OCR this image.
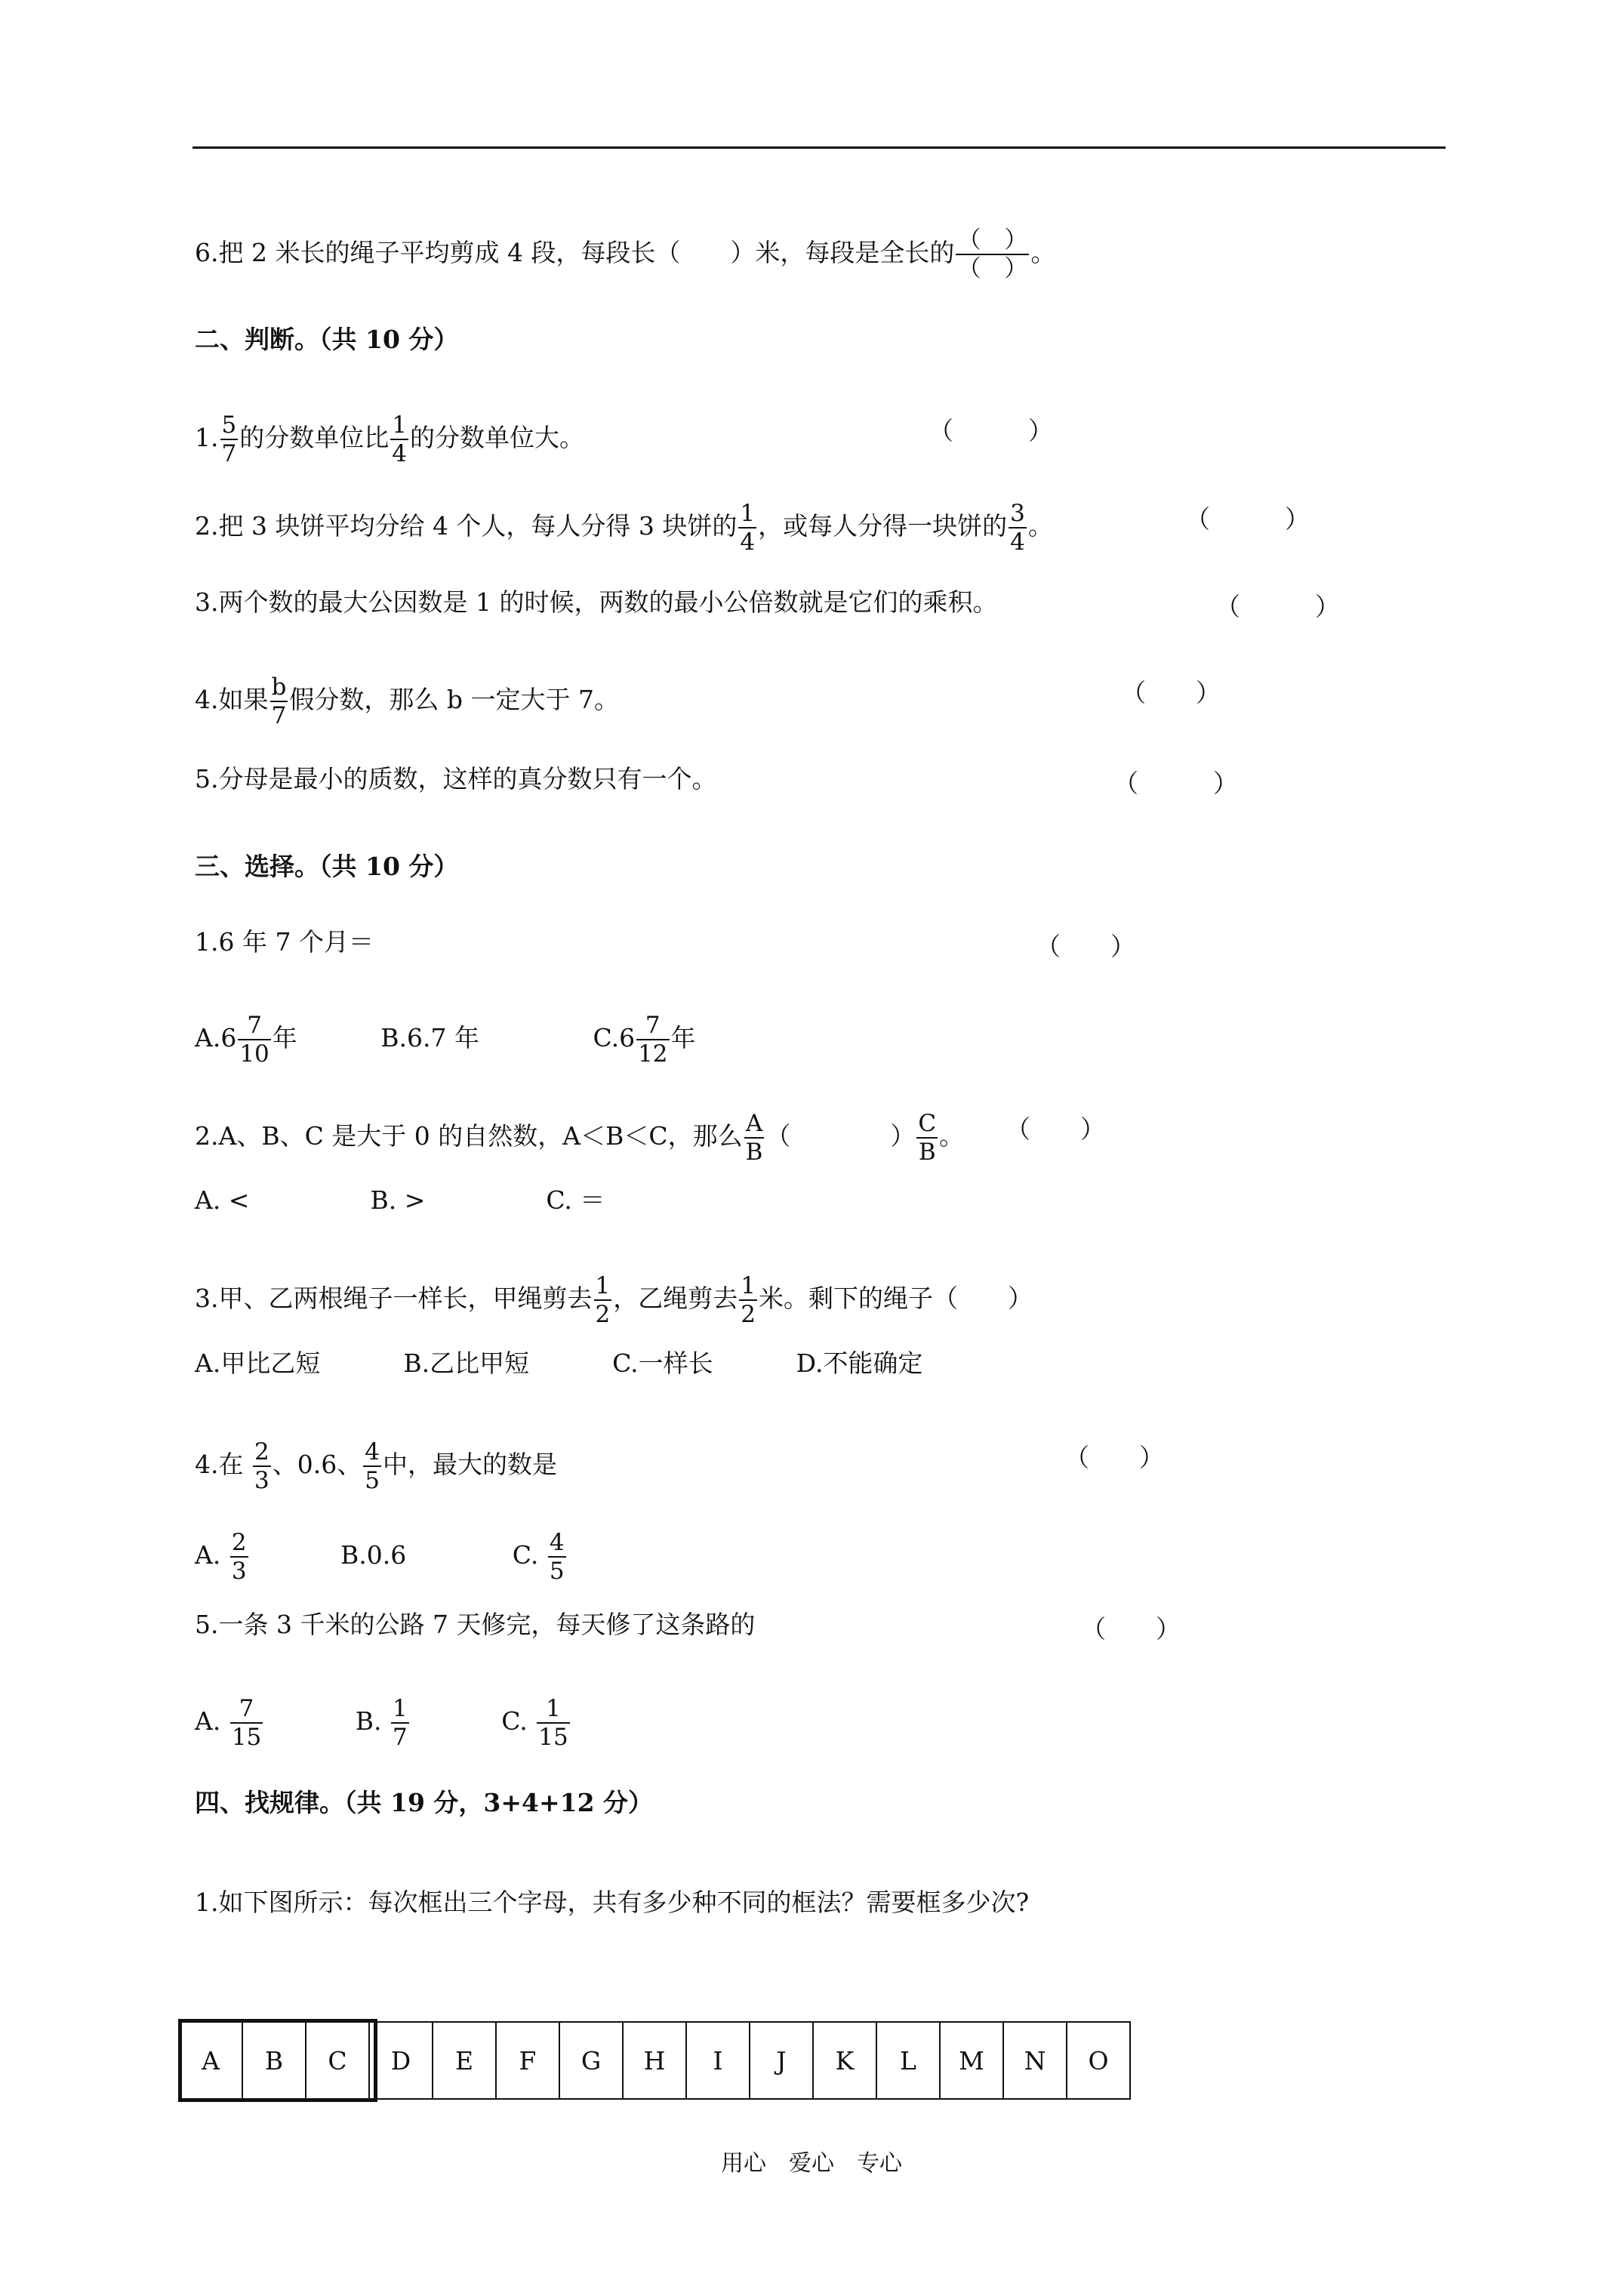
6.把 2 米长的绳子平均剪成 4 段，每段长（　　）米，每段是全长的 $\frac{( )}{( )}$ 。
二、判断。（共 10 分）
1. $\frac{5}{7}$ 的分数单位比 $\frac{1}{4}$ 的分数单位大。	（　　　）
2.把 3 块饼平均分给 4 个人，每人分得 3 块饼的 $\frac{1}{4}$ ，或每人分得一块饼的 $\frac{3}{4}$ 。	（　　　）
3.两个数的最大公因数是 1 的时候，两数的最小公倍数就是它们的乘积。	（　　　）
4.如果 $\frac{b}{7}$ 假分数，那么 b 一定大于 7。	（　　）
5.分母是最小的质数，这样的真分数只有一个。	（　　　）
三、选择。（共 10 分）
1.6 年 7 个月＝	（　　）
$A.6 \frac{7}{10}$ 年	B.6.7 年	$C.6 \frac{7}{12}$ 年
2.A、B、C 是大于 0 的自然数，A＜B＜C，那么 $\frac{A}{B}$ （　　　　） $\frac{C}{B}$ 。 （　　）
A. <	B. >	C. ＝
3.甲、乙两根绳子一样长，甲绳剪去 $\frac{1}{2}$ ，乙绳剪去 $\frac{1}{2}$ 米。剩下的绳子（　　）
A.甲比乙短	B.乙比甲短	C.一样长	D.不能确定
4.在 $\frac{2}{3}$ 、0.6、 $\frac{4}{5}$ 中，最大的数是	（　　）
A. $\frac{2}{3}$	B.0.6	C. $\frac{4}{5}$
5.一条 3 千米的公路 7 天修完，每天修了这条路的	（　　）
A. $\frac{7}{15}$	B. $\frac{1}{7}$	C. $\frac{1}{15}$
四、找规律。（共 19 分，3+4+12 分）
1.如下图所示：每次框出三个字母，共有多少种不同的框法？需要框多少次?
A	B	C	D	E	F	G	H	I	J	K	L	M	N	O
用心　爱心　专心
